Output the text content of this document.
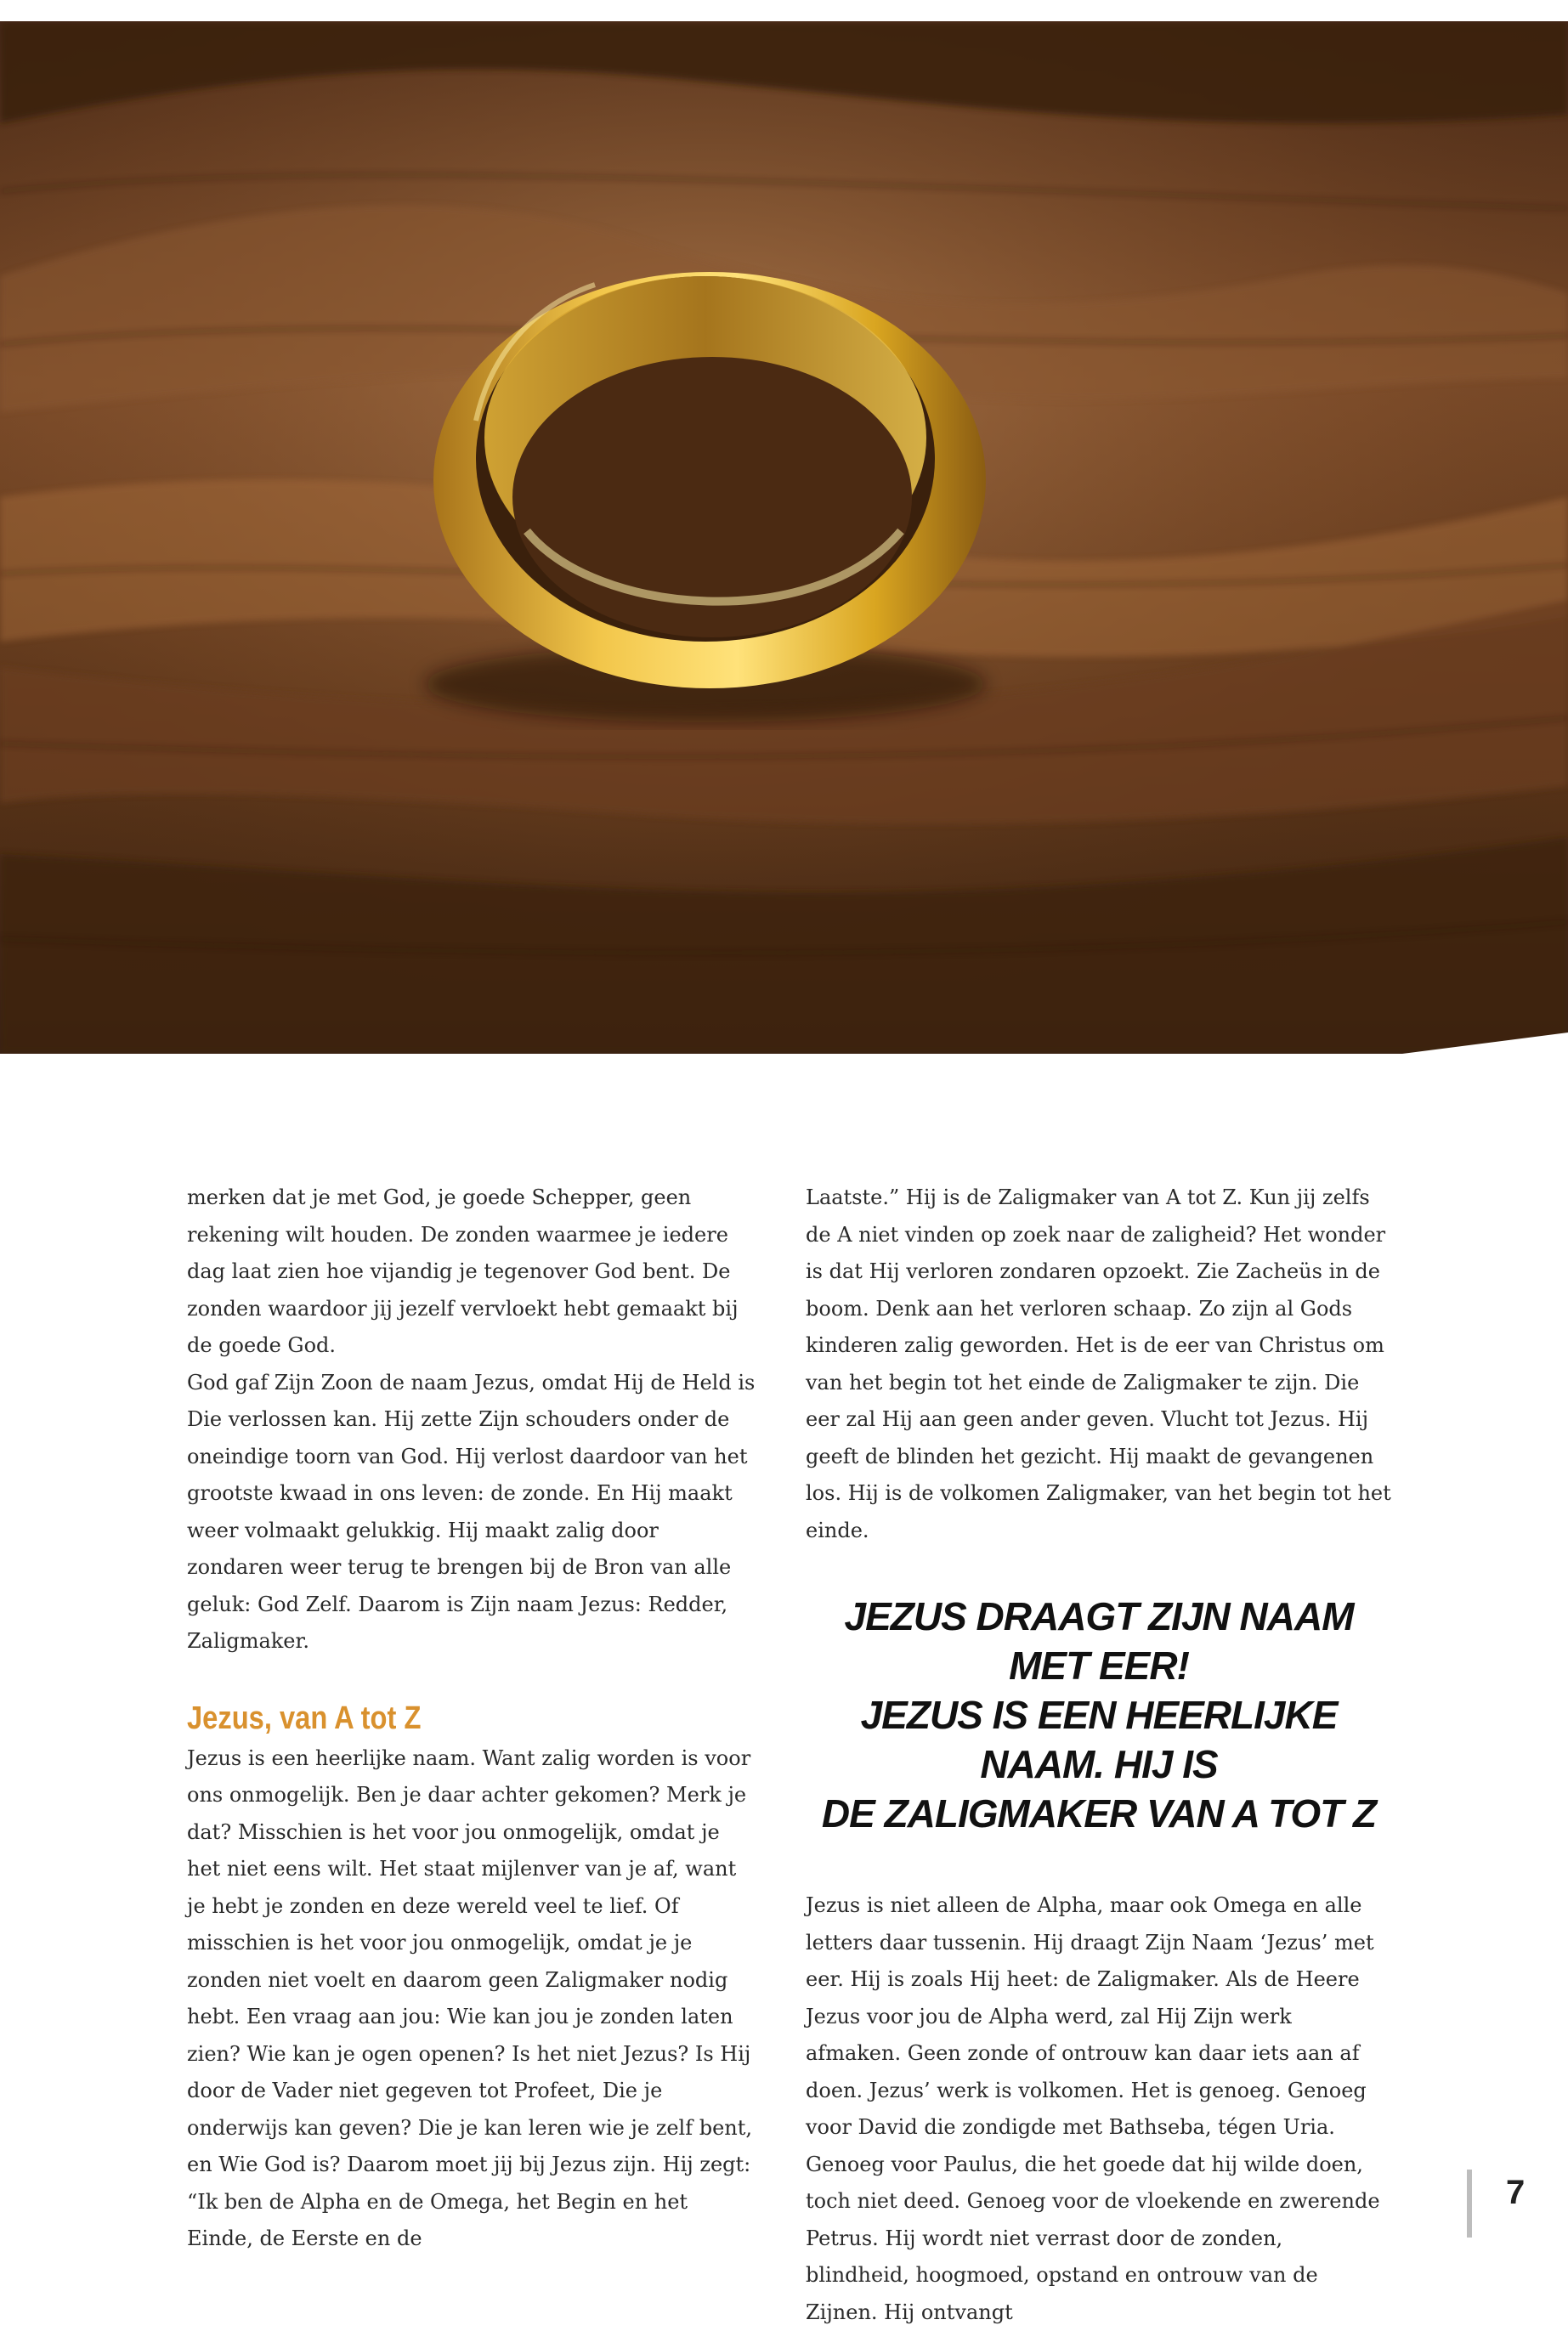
merken dat je met God, je goede Schepper, geen rekening wilt houden. De zonden waarmee je iedere dag laat zien hoe vijandig je tegenover God bent. De zonden waardoor jij jezelf vervloekt hebt gemaakt bij de goede God.

God gaf Zijn Zoon de naam Jezus, omdat Hij de Held is Die verlossen kan. Hij zette Zijn schouders onder de oneindige toorn van God. Hij verlost daardoor van het grootste kwaad in ons leven: de zonde. En Hij maakt weer volmaakt gelukkig. Hij maakt zalig door zondaren weer terug te brengen bij de Bron van alle geluk: God Zelf. Daarom is Zijn naam Jezus: Redder, Zaligmaker.

Jezus, van A tot Z

Jezus is een heerlijke naam. Want zalig worden is voor ons onmogelijk. Ben je daar achter gekomen? Merk je dat? Misschien is het voor jou onmogelijk, omdat je het niet eens wilt. Het staat mijlenver van je af, want je hebt je zonden en deze wereld veel te lief. Of misschien is het voor jou onmogelijk, omdat je je zonden niet voelt en daarom geen Zaligmaker nodig hebt. Een vraag aan jou: Wie kan jou je zonden laten zien? Wie kan je ogen openen? Is het niet Jezus? Is Hij door de Vader niet gegeven tot Profeet, Die je onderwijs kan geven? Die je kan leren wie je zelf bent, en Wie God is? Daarom moet jij bij Jezus zijn. Hij zegt: “Ik ben de Alpha en de Omega, het Begin en het Einde, de Eerste en de

Laatste.” Hij is de Zaligmaker van A tot Z. Kun jij zelfs de A niet vinden op zoek naar de zaligheid? Het wonder is dat Hij verloren zondaren opzoekt. Zie Zacheüs in de boom. Denk aan het verloren schaap. Zo zijn al Gods kinderen zalig geworden. Het is de eer van Christus om van het begin tot het einde de Zaligmaker te zijn. Die eer zal Hij aan geen ander geven. Vlucht tot Jezus. Hij geeft de blinden het gezicht. Hij maakt de gevangenen los. Hij is de volkomen Zaligmaker, van het begin tot het einde.

JEZUS DRAAGT ZIJN NAAM MET EER!
JEZUS IS EEN HEERLIJKE NAAM. HIJ IS
DE ZALIGMAKER VAN A TOT Z

Jezus is niet alleen de Alpha, maar ook Omega en alle letters daar tussenin. Hij draagt Zijn Naam ‘Jezus’ met eer. Hij is zoals Hij heet: de Zaligmaker. Als de Heere Jezus voor jou de Alpha werd, zal Hij Zijn werk afmaken. Geen zonde of ontrouw kan daar iets aan af doen. Jezus’ werk is volkomen. Het is genoeg. Genoeg voor David die zondigde met Bathseba, tégen Uria. Genoeg voor Paulus, die het goede dat hij wilde doen, toch niet deed. Genoeg voor de vloekende en zwerende Petrus. Hij wordt niet verrast door de zonden, blindheid, hoogmoed, opstand en ontrouw van de Zijnen. Hij ontvangt

7
